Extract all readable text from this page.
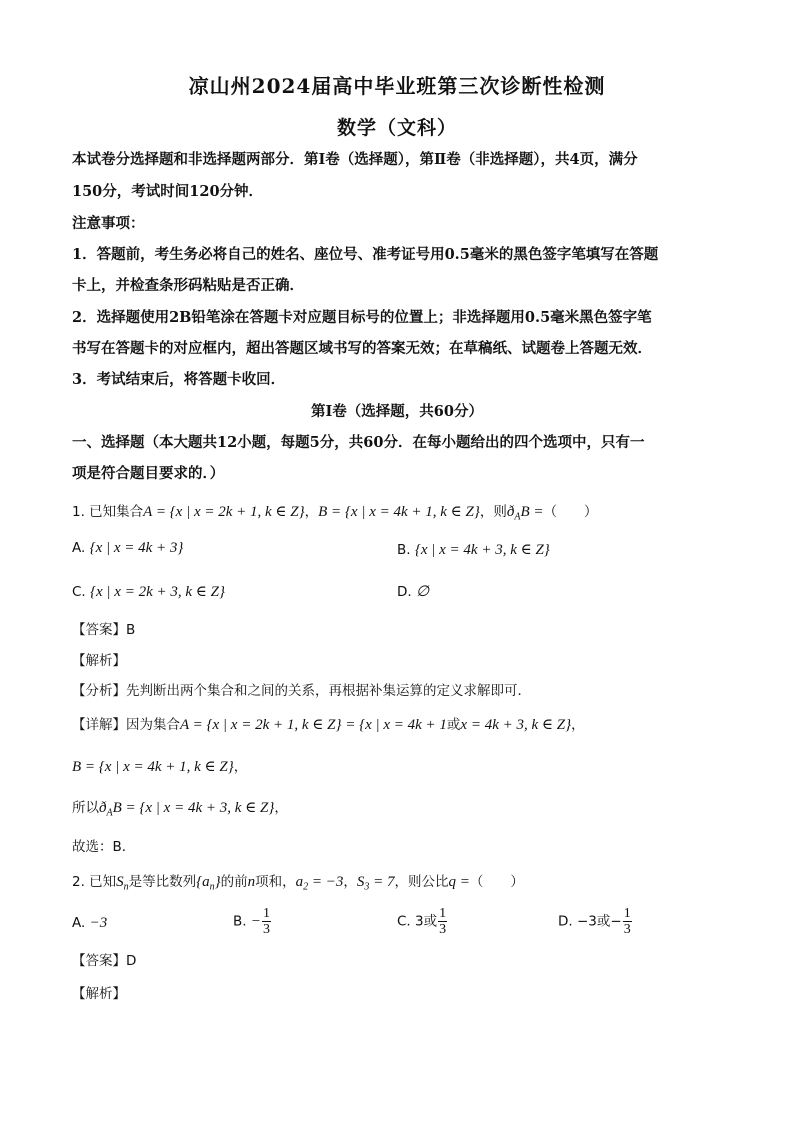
凉山州2024届高中毕业班第三次诊断性检测
数学（文科）
本试卷分选择题和非选择题两部分．第Ⅰ卷（选择题），第Ⅱ卷（非选择题），共4页，满分
150分，考试时间120分钟．
注意事项：
1．答题前，考生务必将自己的姓名、座位号、准考证号用0.5毫米的黑色签字笔填写在答题
卡上，并检查条形码粘贴是否正确．
2．选择题使用2B铅笔涂在答题卡对应题目标号的位置上；非选择题用0.5毫米黑色签字笔
书写在答题卡的对应框内，超出答题区域书写的答案无效；在草稿纸、试题卷上答题无效．
3．考试结束后，将答题卡收回．
第Ⅰ卷（选择题，共60分）
一、选择题（本大题共12小题，每题5分，共60分．在每小题给出的四个选项中，只有一
项是符合题目要求的．）
1. 已知集合A = {x | x = 2k + 1, k ∈ Z}，B = {x | x = 4k + 1, k ∈ Z}，则$ð_AB$ =（　　）
A. {x | x = 4k + 3}	B. {x | x = 4k + 3, k ∈ Z}
C. {x | x = 2k + 3, k ∈ Z}	D. ∅
【答案】B
【解析】
【分析】先判断出两个集合和之间的关系，再根据补集运算的定义求解即可．
【详解】因为集合A = {x | x = 2k + 1, k ∈ Z} = {x | x = 4k + 1或x = 4k + 3, k ∈ Z}，
B = {x | x = 4k + 1, k ∈ Z}，
所以$ð_AB = \{x$ | x = 4k + 3, k ∈ Z}，
故选：B．
2. 已知$S_n$是等比数列$\{a_n\}$的前n项和，$a_2 = -3$，$S_3 = 7$，则公比q =（　　）
A. −3	B. − $\frac{1}{3}$	C. 3或 $\frac{1}{3}$	D. −3或− $\frac{1}{3}$
【答案】D
【解析】
